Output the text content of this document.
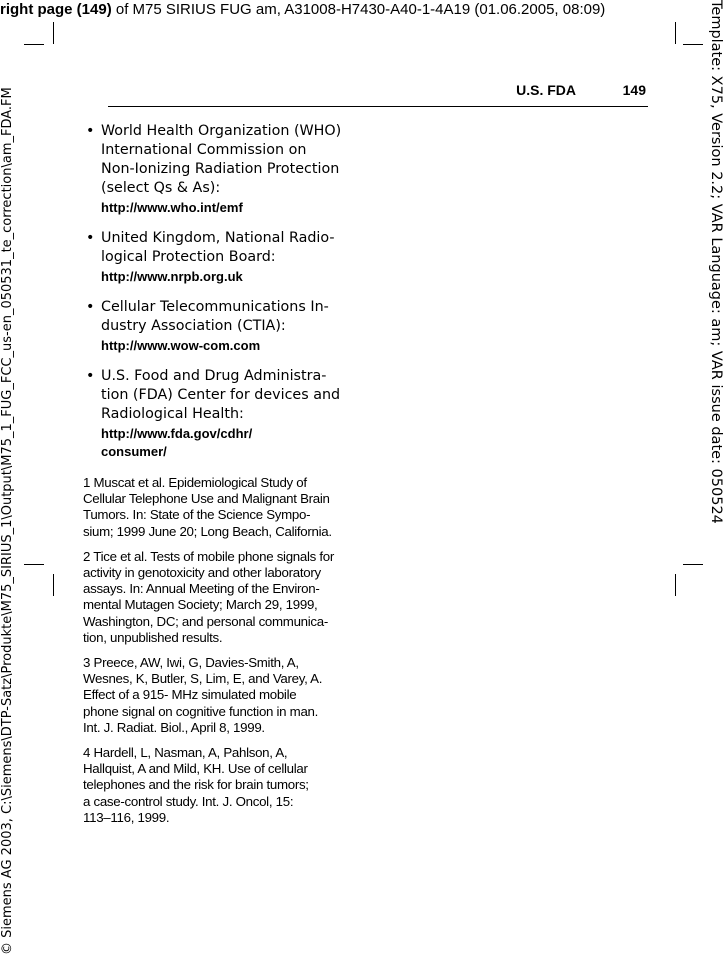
right page (149) of M75 SIRIUS FUG am, A31008-H7430-A40-1-4A19 (01.06.2005, 08:09)
© Siemens AG 2003, C:\Siemens\DTP-Satz\Produkte\M75_SIRIUS_1\Output\M75_1_FUG_FCC_us-en_050531_te_correction\am_FDA.FM	Template: X75, Version 2.2; VAR Language: am; VAR issue date: 050524
U.S. FDA	149
• World Health Organization (WHO)
International Commission on
Non-Ionizing Radiation Protection
(select Qs & As):
http://www.who.int/emf
• United Kingdom, National Radio-
logical Protection Board:
http://www.nrpb.org.uk
• Cellular Telecommunications In-
dustry Association (CTIA):
http://www.wow-com.com
• U.S. Food and Drug Administra-
tion (FDA) Center for devices and
Radiological Health:
http://www.fda.gov/cdhr/
consumer/
1 Muscat et al. Epidemiological Study of
Cellular Telephone Use and Malignant Brain
Tumors. In: State of the Science Sympo-
sium; 1999 June 20; Long Beach, California.
2 Tice et al. Tests of mobile phone signals for
activity in genotoxicity and other laboratory
assays. In: Annual Meeting of the Environ-
mental Mutagen Society; March 29, 1999,
Washington, DC; and personal communica-
tion, unpublished results.
3 Preece, AW, Iwi, G, Davies-Smith, A,
Wesnes, K, Butler, S, Lim, E, and Varey, A.
Effect of a 915- MHz simulated mobile
phone signal on cognitive function in man.
Int. J. Radiat. Biol., April 8, 1999.
4 Hardell, L, Nasman, A, Pahlson, A,
Hallquist, A and Mild, KH. Use of cellular
telephones and the risk for brain tumors;
a case-control study. Int. J. Oncol, 15:
113–116, 1999.
